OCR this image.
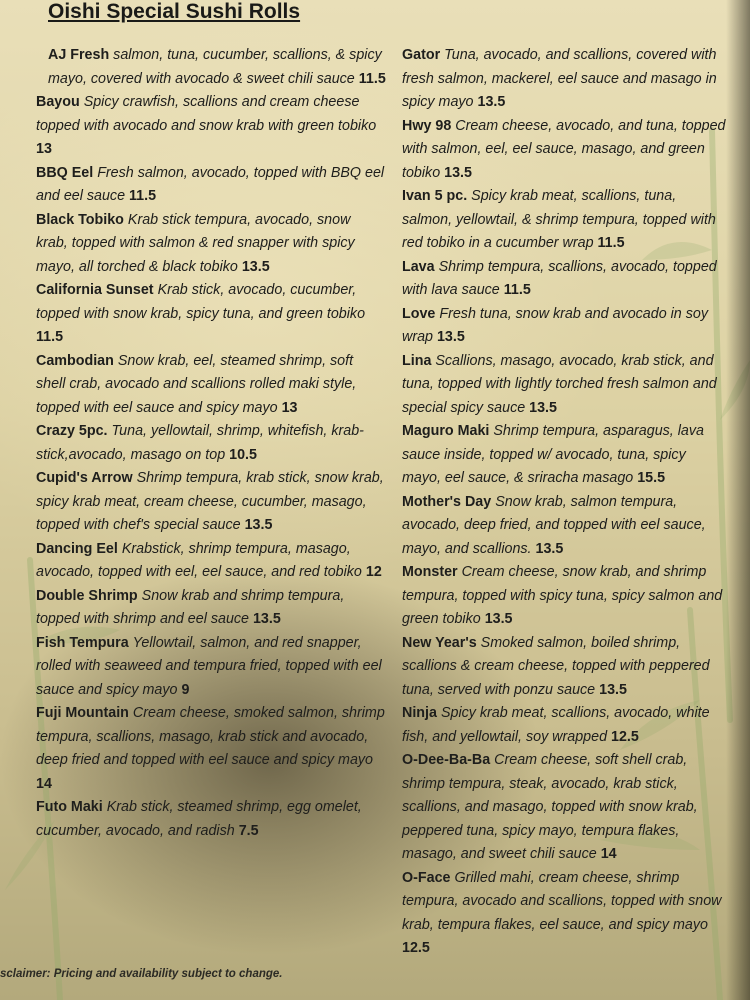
Oishi Special Sushi Rolls

AJ Fresh salmon, tuna, cucumber, scallions, & spicy mayo, covered with avocado & sweet chili sauce 11.5

Bayou Spicy crawfish, scallions and cream cheese topped with avocado and snow krab with green tobiko 13

BBQ Eel Fresh salmon, avocado, topped with BBQ eel and eel sauce 11.5

Black Tobiko Krab stick tempura, avocado, snow krab, topped with salmon & red snapper with spicy mayo, all torched & black tobiko 13.5

California Sunset Krab stick, avocado, cucumber, topped with snow krab, spicy tuna, and green tobiko 11.5

Cambodian Snow krab, eel, steamed shrimp, soft shell crab, avocado and scallions rolled maki style, topped with eel sauce and spicy mayo 13

Crazy 5pc. Tuna, yellowtail, shrimp, whitefish, krab-stick,avocado, masago on top 10.5

Cupid's Arrow Shrimp tempura, krab stick, snow krab, spicy krab meat, cream cheese, cucumber, masago, topped with chef's special sauce 13.5

Dancing Eel Krabstick, shrimp tempura, masago, avocado, topped with eel, eel sauce, and red tobiko 12

Double Shrimp Snow krab and shrimp tempura, topped with shrimp and eel sauce 13.5

Fish Tempura Yellowtail, salmon, and red snapper, rolled with seaweed and tempura fried, topped with eel sauce and spicy mayo 9

Fuji Mountain Cream cheese, smoked salmon, shrimp tempura, scallions, masago, krab stick and avocado, deep fried and topped with eel sauce and spicy mayo 14

Futo Maki Krab stick, steamed shrimp, egg omelet, cucumber, avocado, and radish 7.5

Gator Tuna, avocado, and scallions, covered with fresh salmon, mackerel, eel sauce and masago in spicy mayo 13.5

Hwy 98 Cream cheese, avocado, and tuna, topped with salmon, eel, eel sauce, masago, and green tobiko 13.5

Ivan 5 pc. Spicy krab meat, scallions, tuna, salmon, yellowtail, & shrimp tempura, topped with red tobiko in a cucumber wrap 11.5

Lava Shrimp tempura, scallions, avocado, topped with lava sauce 11.5

Love Fresh tuna, snow krab and avocado in soy wrap 13.5

Lina Scallions, masago, avocado, krab stick, and tuna, topped with lightly torched fresh salmon and special spicy sauce 13.5

Maguro Maki Shrimp tempura, asparagus, lava sauce inside, topped w/ avocado, tuna, spicy mayo, eel sauce, & sriracha masago 15.5

Mother's Day Snow krab, salmon tempura, avocado, deep fried, and topped with eel sauce, mayo, and scallions. 13.5

Monster Cream cheese, snow krab, and shrimp tempura, topped with spicy tuna, spicy salmon and green tobiko 13.5

New Year's Smoked salmon, boiled shrimp, scallions & cream cheese, topped with peppered tuna, served with ponzu sauce 13.5

Ninja Spicy krab meat, scallions, avocado, white fish, and yellowtail, soy wrapped 12.5

O-Dee-Ba-Ba Cream cheese, soft shell crab, shrimp tempura, steak, avocado, krab stick, scallions, and masago, topped with snow krab, peppered tuna, spicy mayo, tempura flakes, masago, and sweet chili sauce 14

O-Face Grilled mahi, cream cheese, shrimp tempura, avocado and scallions, topped with snow krab, tempura flakes, eel sauce, and spicy mayo 12.5

sclaimer: Pricing and availability subject to change.
